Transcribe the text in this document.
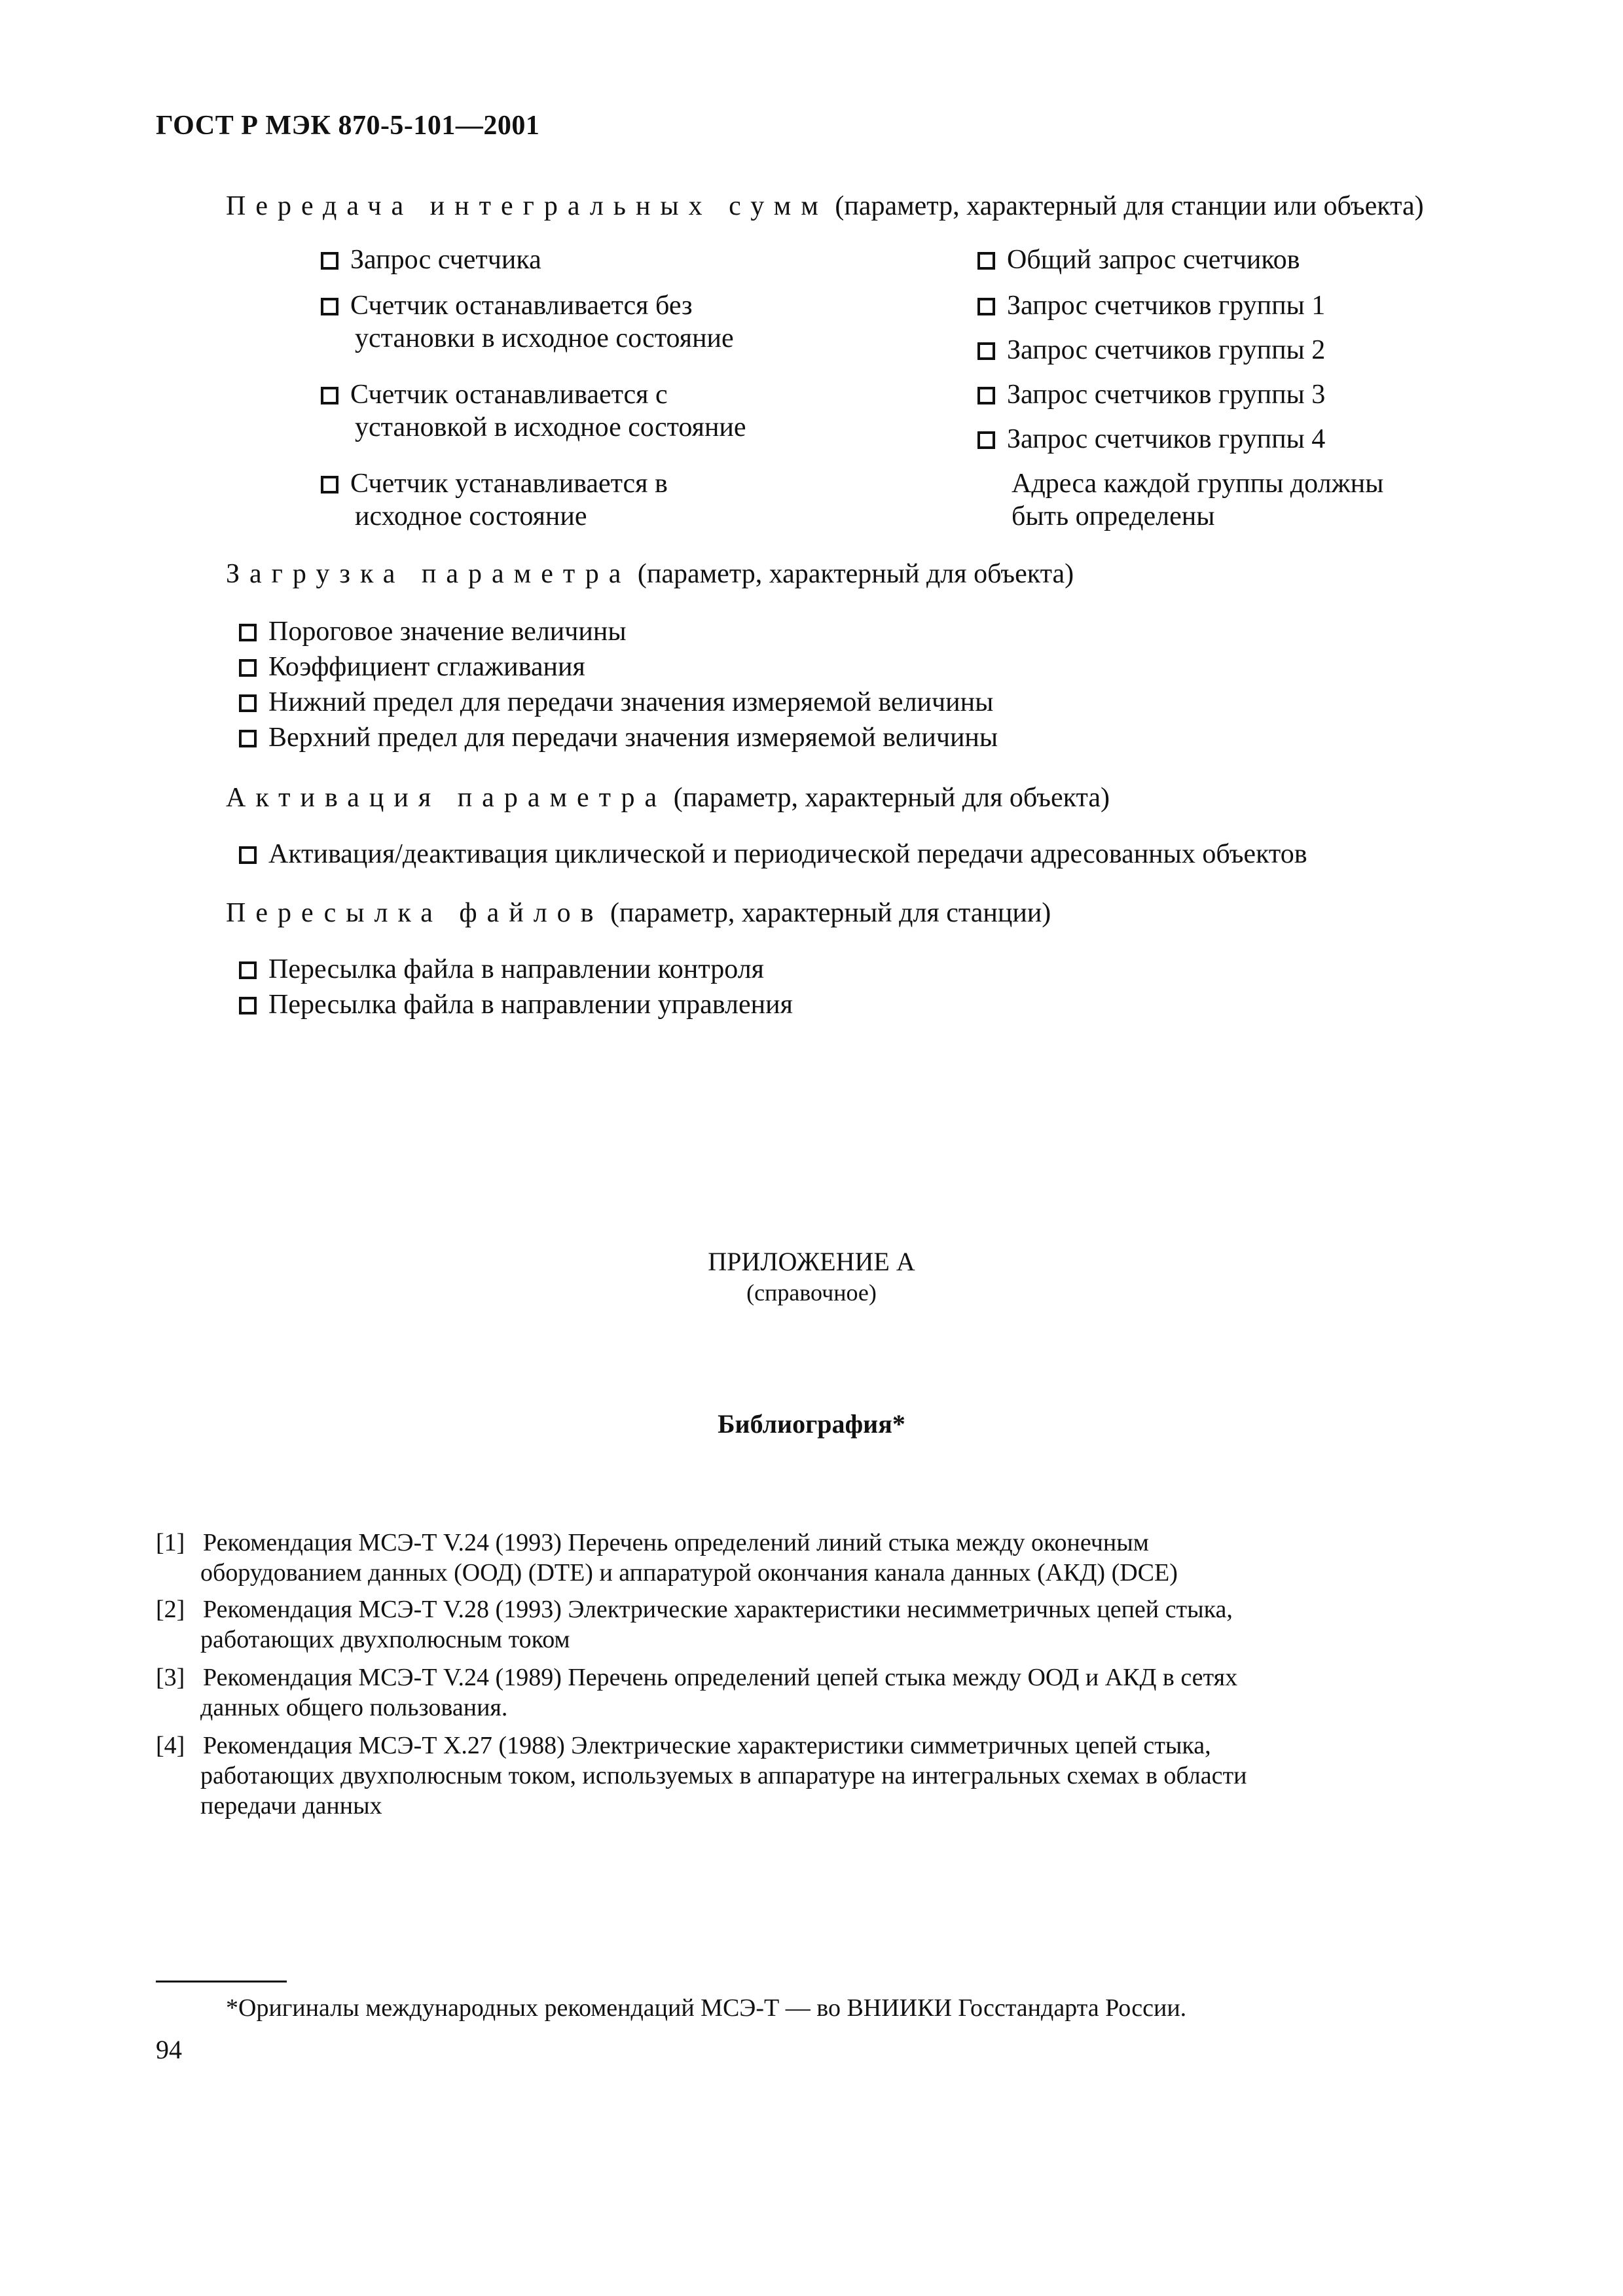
ГОСТ Р МЭК 870-5-101—2001
Передача интегральных сумм (параметр, характерный для станции или объекта)
Запрос счетчика
Счетчик останавливается без
установки в исходное состояние
Счетчик останавливается с
установкой в исходное состояние
Счетчик устанавливается в
исходное состояние
Общий запрос счетчиков
Запрос счетчиков группы 1
Запрос счетчиков группы 2
Запрос счетчиков группы 3
Запрос счетчиков группы 4
Адреса каждой группы должны
быть определены
Загрузка параметра (параметр, характерный для объекта)
Пороговое значение величины
Коэффициент сглаживания
Нижний предел для передачи значения измеряемой величины
Верхний предел для передачи значения измеряемой величины
Активация параметра (параметр, характерный для объекта)
Активация/деактивация циклической и периодической передачи адресованных объектов
Пересылка файлов (параметр, характерный для станции)
Пересылка файла в направлении контроля
Пересылка файла в направлении управления
ПРИЛОЖЕНИЕ А
(справочное)
Библиография*
[1] Рекомендация МСЭ-Т V.24 (1993) Перечень определений линий стыка между оконечным
оборудованием данных (ООД) (DTE) и аппаратурой окончания канала данных (АКД) (DCE)
[2] Рекомендация МСЭ-Т V.28 (1993) Электрические характеристики несимметричных цепей стыка,
работающих двухполюсным током
[3] Рекомендация МСЭ-Т V.24 (1989) Перечень определений цепей стыка между ООД и АКД в сетях
данных общего пользования.
[4] Рекомендация МСЭ-Т Х.27 (1988) Электрические характеристики симметричных цепей стыка,
работающих двухполюсным током, используемых в аппаратуре на интегральных схемах в области
передачи данных
*Оригиналы международных рекомендаций МСЭ-Т — во ВНИИКИ Госстандарта России.
94
